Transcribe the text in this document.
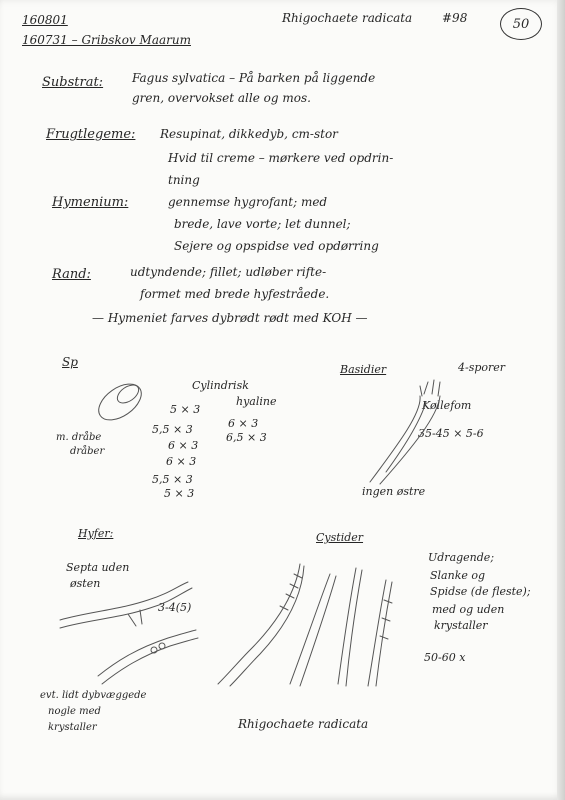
160801
160731 – Gribskov Maarum
Rhigochaete radicata #98	50
Substrat: Fagus sylvatica – På barken på liggende
gren, overvokset alle og mos.
Frugtlegeme: Resupinat, dikkedyb, cm-stor
Hvid til creme – mørkere ved opdrin-
tning
Hymenium:	gennemse hygrofant; med
brede, lave vorte; let dunnel;
Sejere og opspidse ved opdørring
Rand:	udtyndende; fillet; udløber rifte-
formet med brede hyfestråede.
— Hymeniet farves dybrødt rødt med KOH —
Sp
m. dråbe
dråber
Cylindrisk
hyaline
5 × 3
5,5 × 3
6 × 3
6 × 3
5,5 × 3
5 × 3
6 × 3
6,5 × 3
Basidier	4-sporer
Køllefom
35-45 × 5-6
ingen østre
Hyfer:
Septa uden
østen
3-4(5)
evt. lidt dybvæggede
nogle med
krystaller
Cystider
Udragende;
Slanke og
Spidse (de fleste);
med og uden
krystaller
50-60 x
Rhigochaete radicata
